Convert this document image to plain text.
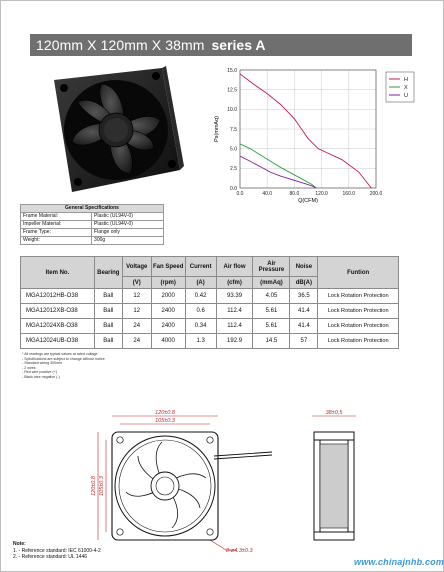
120mm X 120mm X 38mm series A
0.0	40.0	80.0	120.0	160.0	200.0
0.0
2.5
5.0
7.5
10.0
12.5
15.0
H
X
U
Q(CFM)
Ps(mmAq)
General Specifications	
Frame Material:	Plastic (UL94V-0)
Impeller Material:	Plastic (UL94V-0)
Frame Type:	Flange only
Weight:	300g
Item No.	Bearing	Voltage	Fan Speed	Current	Air flow	Air Pressure	Noise	Funtion
		(V)	(rpm)	(A)	(cfm)	(mmAq)	dB(A)	
MGA12012HB-O38	Ball	12	2000	0.42	93.39	4.05	36.5	Lock Rotation Protection
MGA12012XB-O38	Ball	12	2400	0.6	112.4	5.61	41.4	Lock Rotation Protection
MGA12024XB-O38	Ball	24	2400	0.34	112.4	5.61	41.4	Lock Rotation Protection
MGA12024UB-O38	Ball	24	4000	1.3	192.9	14.5	57	Lock Rotation Protection
* All readings are typical values at rated voltage
- Specifications are subject to change without notice
- Standard wiring 300mm
- 2 wires
- Red wire positive (+)
- Black wire negative (-)
120±0.8
105±0.3
120±0.8 105±0.3
8-ø4.3±0.3
38±0.5
Note:
1. - Reference standard: IEC 61000-4-2
2. - Reference standard: UL 1446	www.chinajnhb.com
